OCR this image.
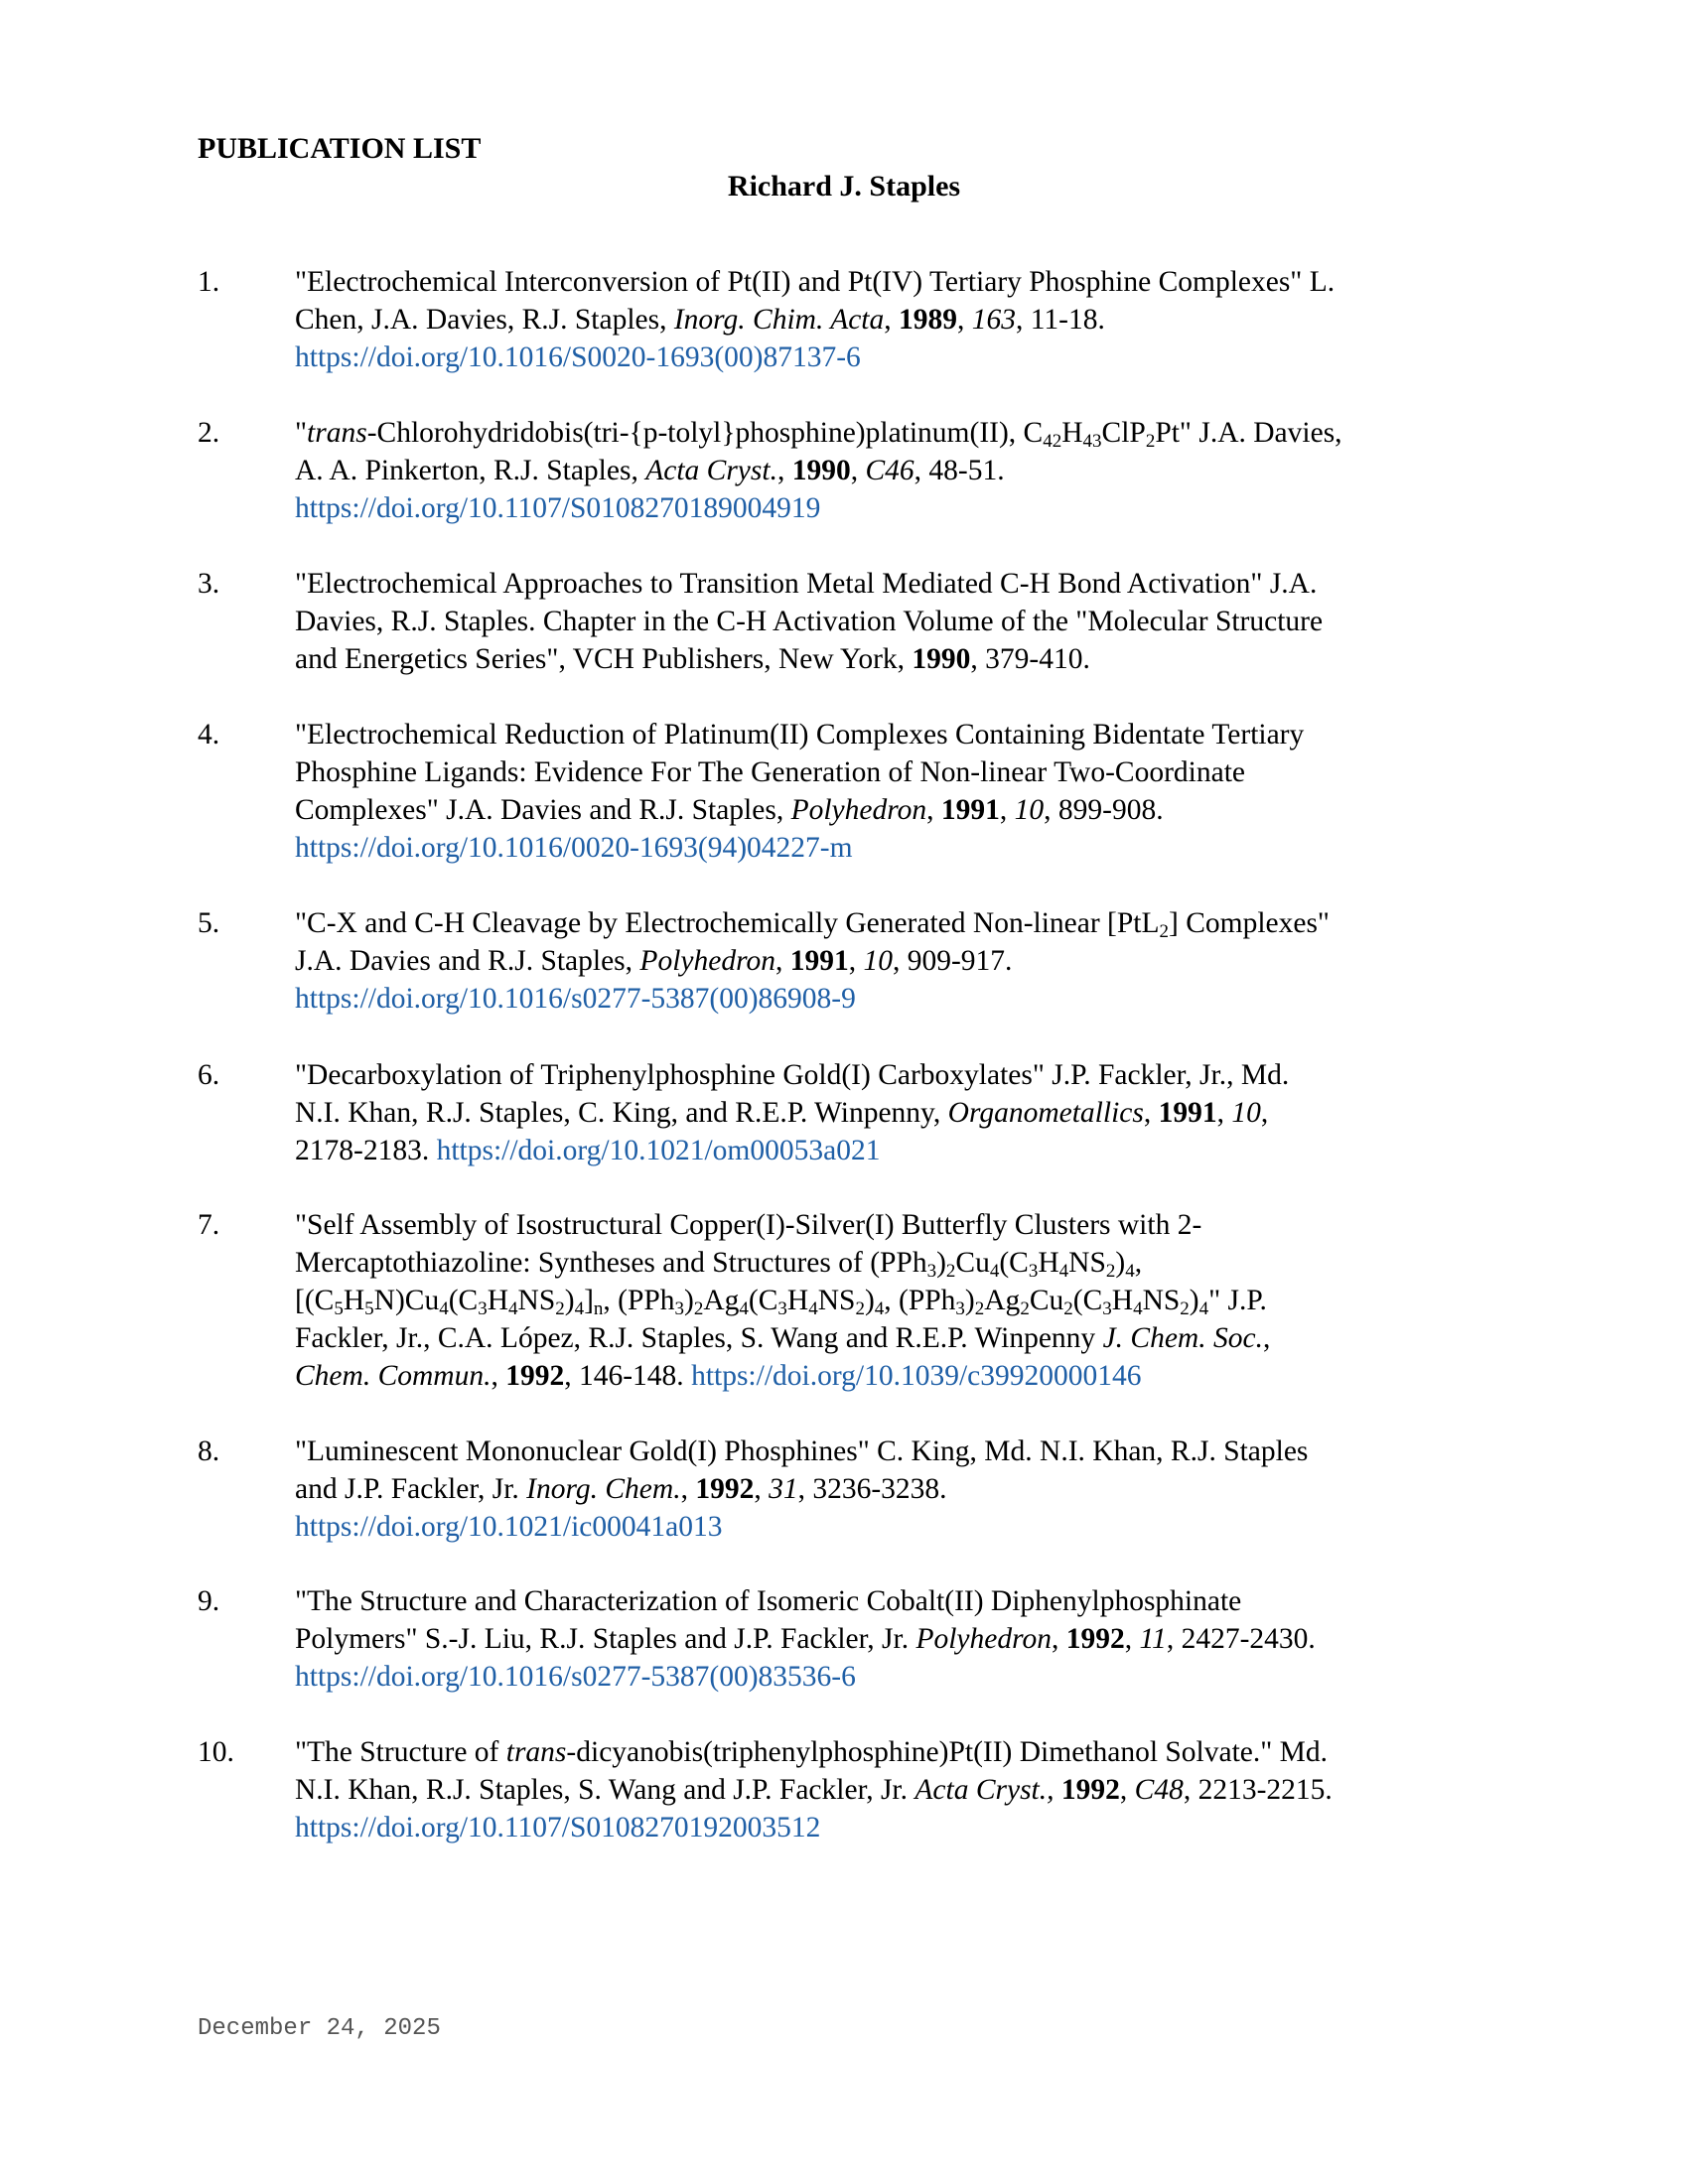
PUBLICATION LIST
Richard J. Staples
1.	"Electrochemical Interconversion of Pt(II) and Pt(IV) Tertiary Phosphine Complexes" L.
Chen, J.A. Davies, R.J. Staples, Inorg. Chim. Acta, 1989, 163, 11-18.
https://doi.org/10.1016/S0020-1693(00)87137-6
2.	"trans-Chlorohydridobis(tri-{p-tolyl}phosphine)platinum(II), $C_{42}H_{43}ClP_2Pt$" J.A. Davies,
A. A. Pinkerton, R.J. Staples, Acta Cryst., 1990, C46, 48-51.
https://doi.org/10.1107/S0108270189004919
3.	"Electrochemical Approaches to Transition Metal Mediated C-H Bond Activation" J.A.
Davies, R.J. Staples. Chapter in the C-H Activation Volume of the "Molecular Structure
and Energetics Series", VCH Publishers, New York, 1990, 379-410.
4.	"Electrochemical Reduction of Platinum(II) Complexes Containing Bidentate Tertiary
Phosphine Ligands: Evidence For The Generation of Non-linear Two-Coordinate
Complexes" J.A. Davies and R.J. Staples, Polyhedron, 1991, 10, 899-908.
https://doi.org/10.1016/0020-1693(94)04227-m
5.	"C-X and C-H Cleavage by Electrochemically Generated Non-linear [PtL$_2$] Complexes"
J.A. Davies and R.J. Staples, Polyhedron, 1991, 10, 909-917.
https://doi.org/10.1016/s0277-5387(00)86908-9
6.	"Decarboxylation of Triphenylphosphine Gold(I) Carboxylates" J.P. Fackler, Jr., Md.
N.I. Khan, R.J. Staples, C. King, and R.E.P. Winpenny, Organometallics, 1991, 10,
2178-2183. https://doi.org/10.1021/om00053a021
7.	"Self Assembly of Isostructural Copper(I)-Silver(I) Butterfly Clusters with 2-
Mercaptothiazoline: Syntheses and Structures of $(PPh_3)_2Cu_4(C_3H_4NS_2)_4$,
$[(C_5H_5N)Cu_4(C_3H_4NS_2)_4]_n$, $(PPh_3)_2Ag_4(C_3H_4NS_2)_4$, $(PPh_3)_2Ag_2Cu_2(C_3H_4NS_2)_4$" J.P.
Fackler, Jr., C.A. López, R.J. Staples, S. Wang and R.E.P. Winpenny J. Chem. Soc.,
Chem. Commun., 1992, 146-148. https://doi.org/10.1039/c39920000146
8.	"Luminescent Mononuclear Gold(I) Phosphines" C. King, Md. N.I. Khan, R.J. Staples
and J.P. Fackler, Jr. Inorg. Chem., 1992, 31, 3236-3238.
https://doi.org/10.1021/ic00041a013
9.	"The Structure and Characterization of Isomeric Cobalt(II) Diphenylphosphinate
Polymers" S.-J. Liu, R.J. Staples and J.P. Fackler, Jr. Polyhedron, 1992, 11, 2427-2430.
https://doi.org/10.1016/s0277-5387(00)83536-6
10. "The Structure of trans-dicyanobis(triphenylphosphine)Pt(II) Dimethanol Solvate." Md.
N.I. Khan, R.J. Staples, S. Wang and J.P. Fackler, Jr. Acta Cryst., 1992, C48, 2213-2215.
https://doi.org/10.1107/S0108270192003512
December 24, 2025
